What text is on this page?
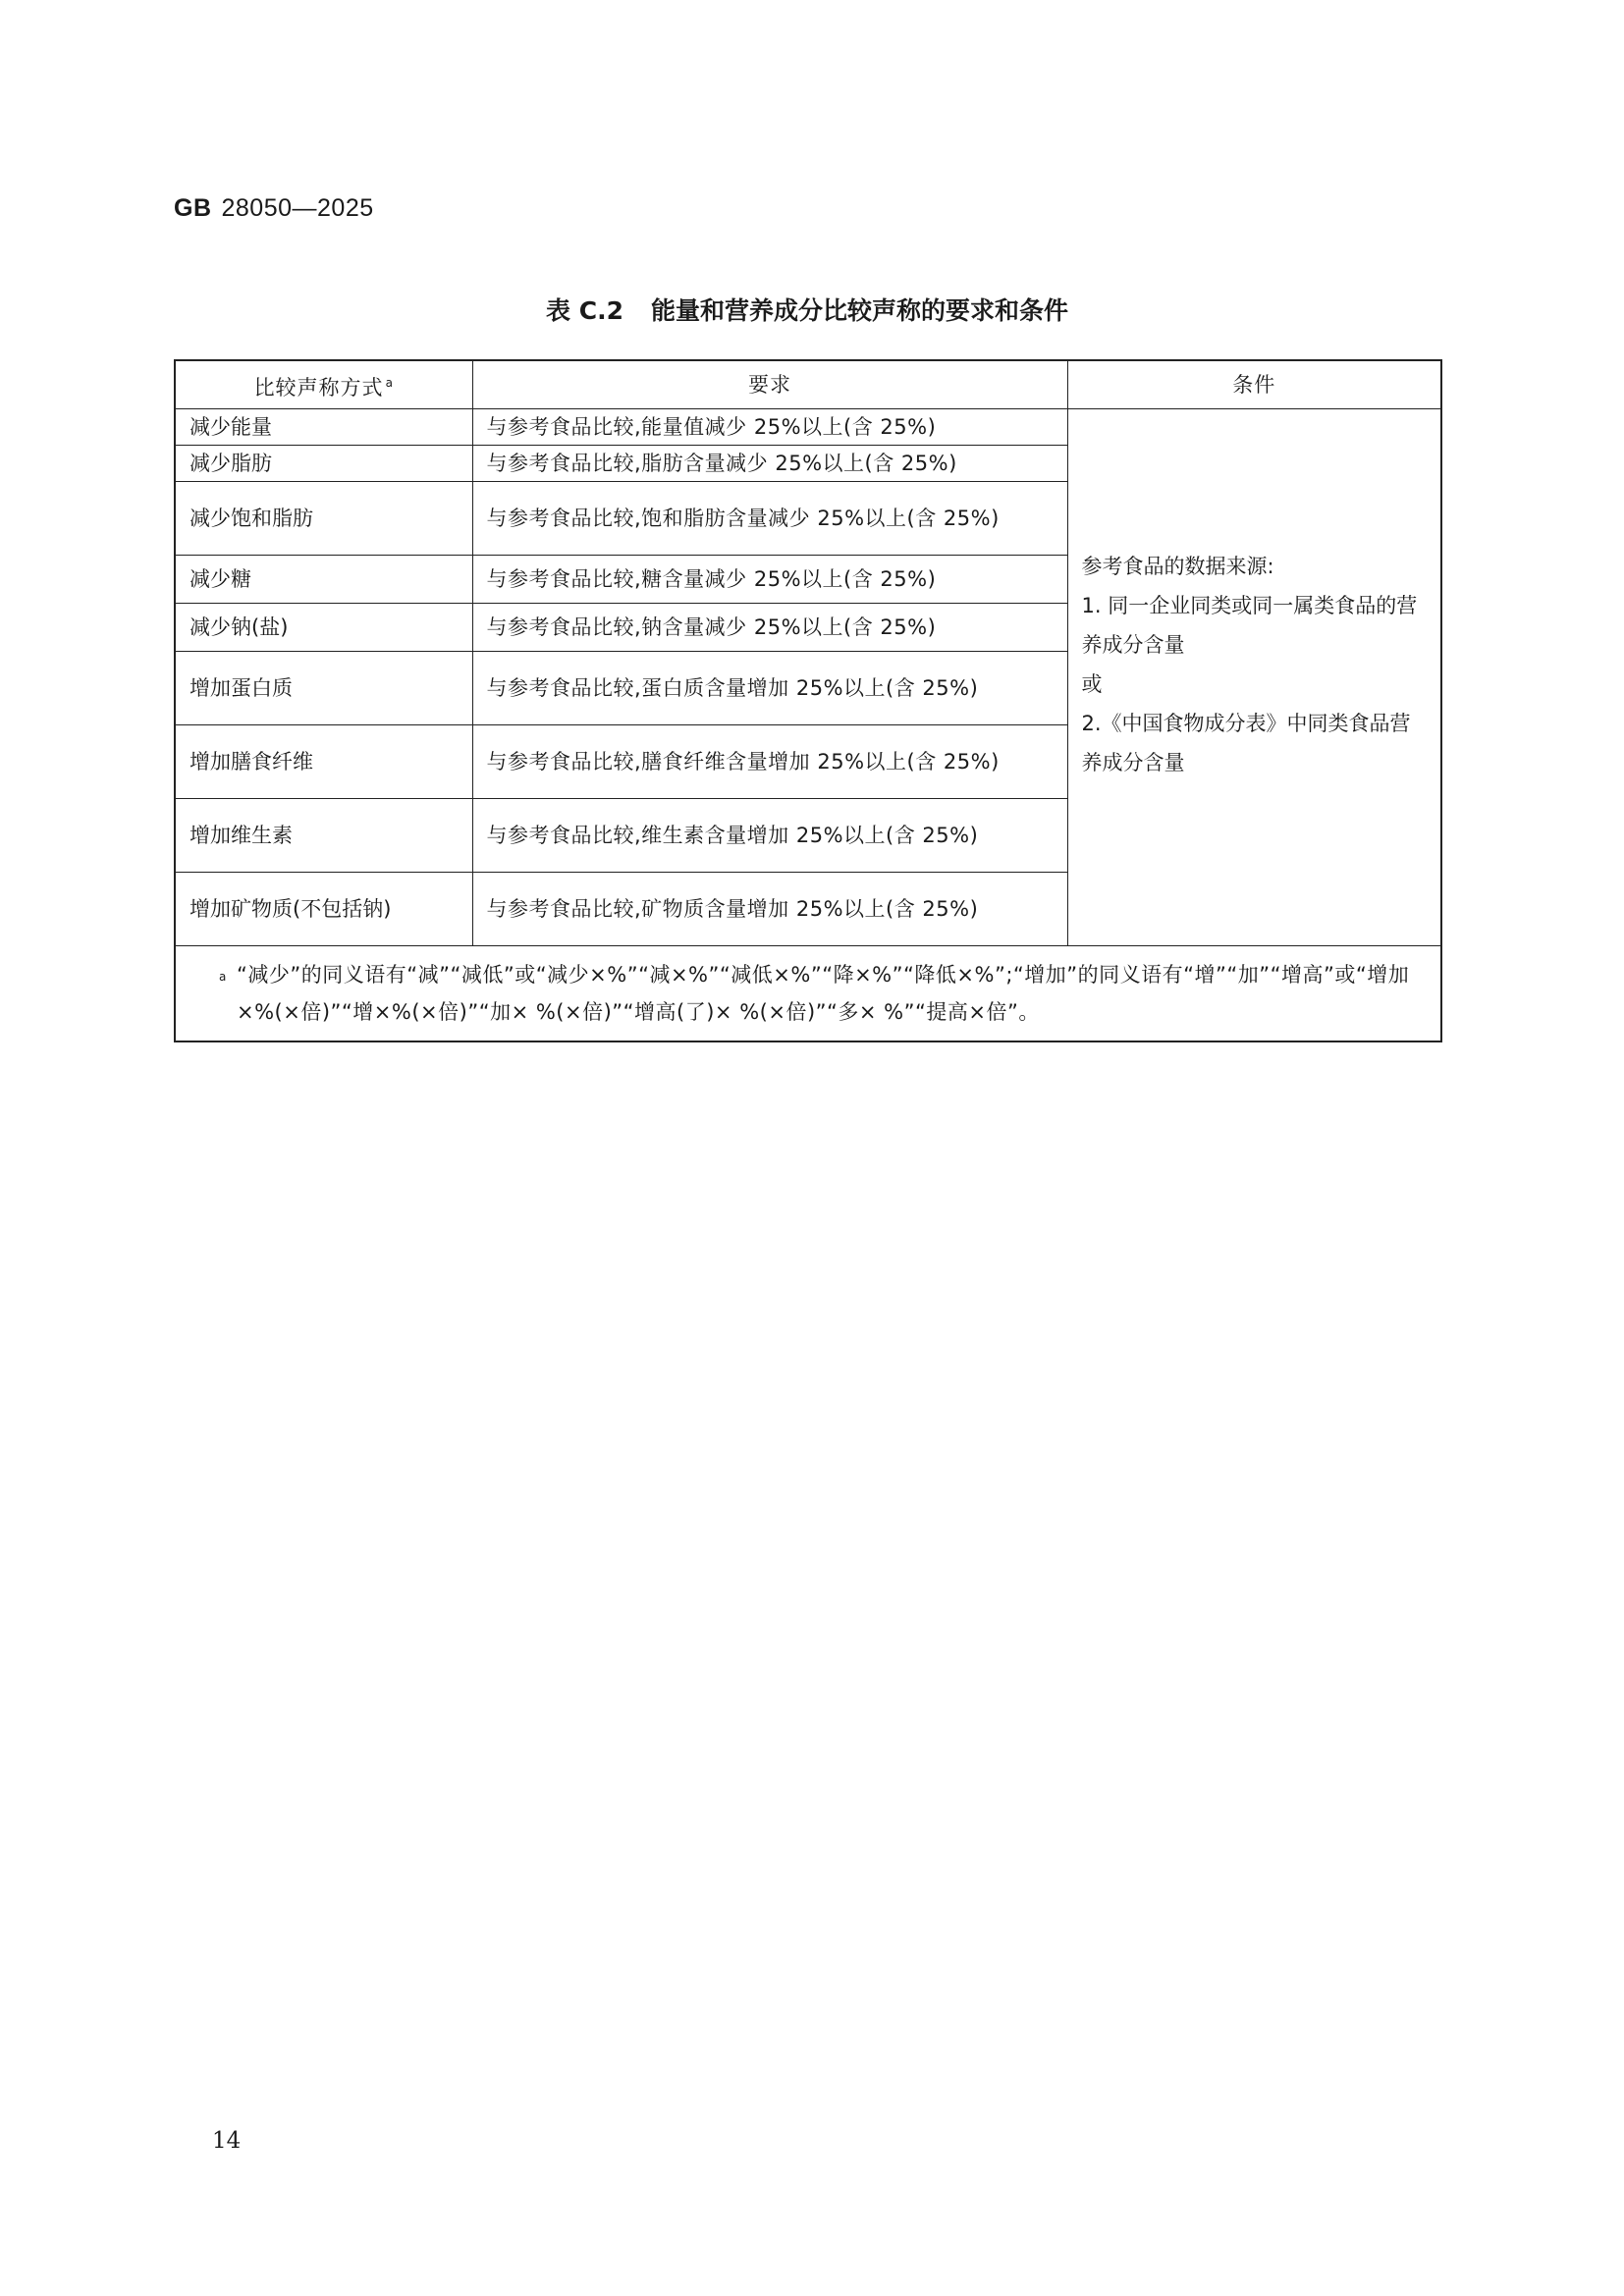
GB 28050—2025
表 C.2 能量和营养成分比较声称的要求和条件
比较声称方式 $^a$	要求	条件
减少能量	与参考食品比较,能量值减少 25%以上(含 25%)	参考食品的数据来源:
1. 同一企业同类或同一属类食品的营养成分含量
或
2.《中国食物成分表》中同类食品营养成分含量

减少脂肪	与参考食品比较,脂肪含量减少 25%以上(含 25%)	
减少饱和脂肪	与参考食品比较,饱和脂肪含量减少 25%以上(含 25%)	
减少糖	与参考食品比较,糖含量减少 25%以上(含 25%)	
减少钠(盐)	与参考食品比较,钠含量减少 25%以上(含 25%)	
增加蛋白质	与参考食品比较,蛋白质含量增加 25%以上(含 25%)	
增加膳食纤维	与参考食品比较,膳食纤维含量增加 25%以上(含 25%)	
增加维生素	与参考食品比较,维生素含量增加 25%以上(含 25%)	
增加矿物质(不包括钠)	与参考食品比较,矿物质含量增加 25%以上(含 25%)	

a “减少”的同义语有“减”“减低”或“减少×%”“减×%”“减低×%”“降×%”“降低×%”;“增加”的同义语有“增”“加”“增高”或“增加×%(×倍)”“增×%(×倍)”“加× %(×倍)”“增高(了)× %(×倍)”“多× %”“提高×倍”。		
14
